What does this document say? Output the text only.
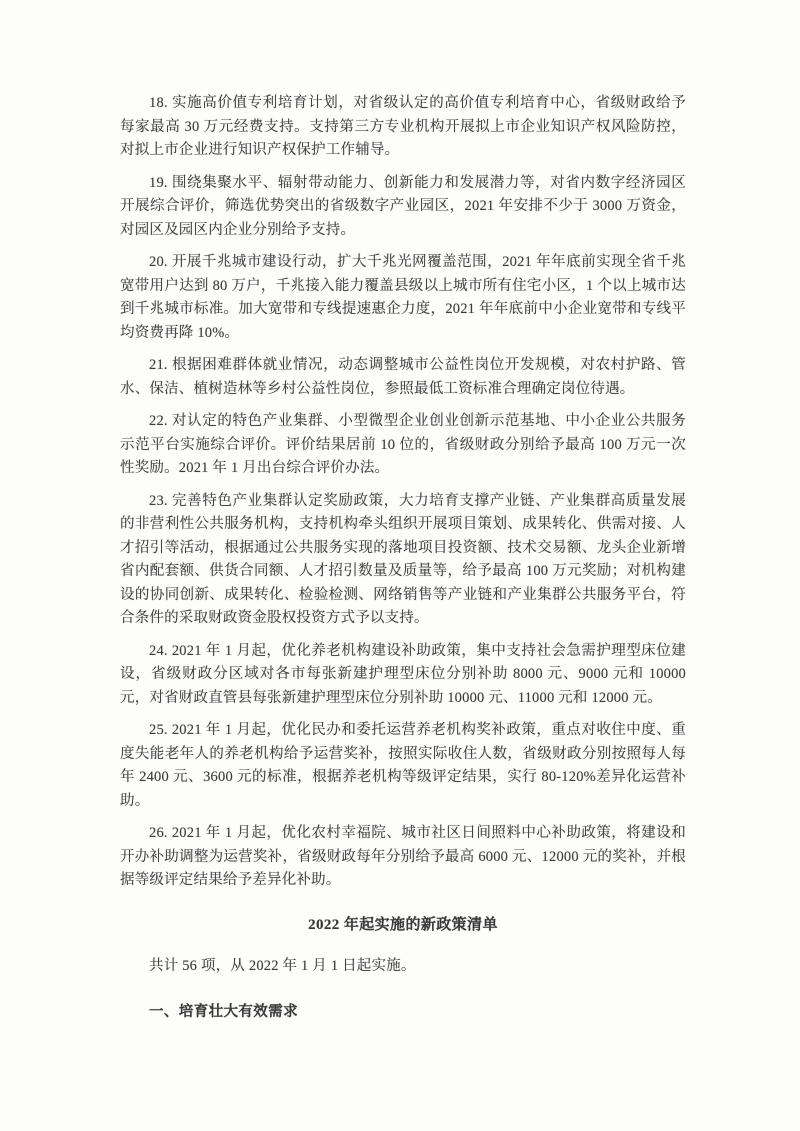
18. 实施高价值专利培育计划，对省级认定的高价值专利培育中心，省级财政给予每家最高 30 万元经费支持。支持第三方专业机构开展拟上市企业知识产权风险防控，对拟上市企业进行知识产权保护工作辅导。

19. 围绕集聚水平、辐射带动能力、创新能力和发展潜力等，对省内数字经济园区开展综合评价，筛选优势突出的省级数字产业园区，2021 年安排不少于 3000 万资金，对园区及园区内企业分别给予支持。

20. 开展千兆城市建设行动，扩大千兆光网覆盖范围，2021 年年底前实现全省千兆宽带用户达到 80 万户，千兆接入能力覆盖县级以上城市所有住宅小区，1 个以上城市达到千兆城市标准。加大宽带和专线提速惠企力度，2021 年年底前中小企业宽带和专线平均资费再降 10%。

21. 根据困难群体就业情况，动态调整城市公益性岗位开发规模，对农村护路、管水、保洁、植树造林等乡村公益性岗位，参照最低工资标准合理确定岗位待遇。

22. 对认定的特色产业集群、小型微型企业创业创新示范基地、中小企业公共服务示范平台实施综合评价。评价结果居前 10 位的，省级财政分别给予最高 100 万元一次性奖励。2021 年 1 月出台综合评价办法。

23. 完善特色产业集群认定奖励政策，大力培育支撑产业链、产业集群高质量发展的非营利性公共服务机构，支持机构牵头组织开展项目策划、成果转化、供需对接、人才招引等活动，根据通过公共服务实现的落地项目投资额、技术交易额、龙头企业新增省内配套额、供货合同额、人才招引数量及质量等，给予最高 100 万元奖励；对机构建设的协同创新、成果转化、检验检测、网络销售等产业链和产业集群公共服务平台，符合条件的采取财政资金股权投资方式予以支持。

24. 2021 年 1 月起，优化养老机构建设补助政策，集中支持社会急需护理型床位建设，省级财政分区域对各市每张新建护理型床位分别补助 8000 元、9000 元和 10000 元，对省财政直管县每张新建护理型床位分别补助 10000 元、11000 元和 12000 元。

25. 2021 年 1 月起，优化民办和委托运营养老机构奖补政策，重点对收住中度、重度失能老年人的养老机构给予运营奖补，按照实际收住人数，省级财政分别按照每人每年 2400 元、3600 元的标准，根据养老机构等级评定结果，实行 80-120%差异化运营补助。

26. 2021 年 1 月起，优化农村幸福院、城市社区日间照料中心补助政策，将建设和开办补助调整为运营奖补，省级财政每年分别给予最高 6000 元、12000 元的奖补，并根据等级评定结果给予差异化补助。

2022 年起实施的新政策清单

共计 56 项，从 2022 年 1 月 1 日起实施。

一、培育壮大有效需求
